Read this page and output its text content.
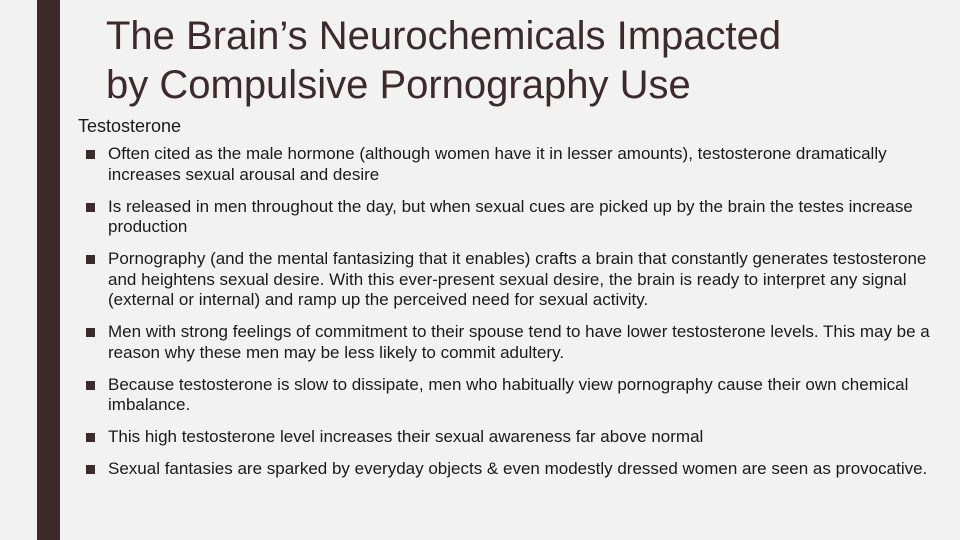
The Brain’s Neurochemicals Impacted
by Compulsive Pornography Use

Testosterone

Often cited as the male hormone (although women have it in lesser amounts), testosterone dramatically increases sexual arousal and desire
Is released in men throughout the day, but when sexual cues are picked up by the brain the testes increase production
Pornography (and the mental fantasizing that it enables) crafts a brain that constantly generates testosterone and heightens sexual desire. With this ever-present sexual desire, the brain is ready to interpret any signal (external or internal) and ramp up the perceived need for sexual activity.
Men with strong feelings of commitment to their spouse tend to have lower testosterone levels. This may be a reason why these men may be less likely to commit adultery.
Because testosterone is slow to dissipate, men who habitually view pornography cause their own chemical imbalance.
This high testosterone level increases their sexual awareness far above normal
Sexual fantasies are sparked by everyday objects & even modestly dressed women are seen as provocative.
